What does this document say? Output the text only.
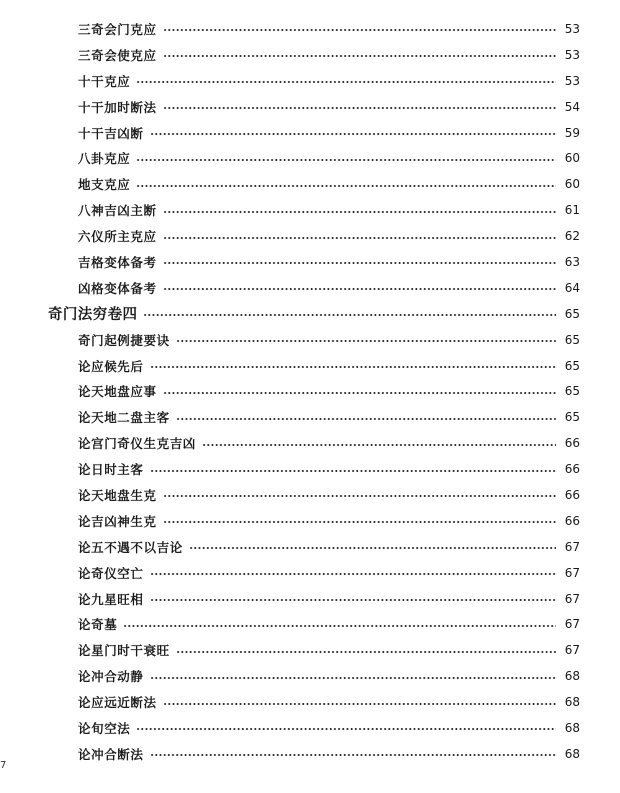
三奇会门克应	53
三奇会使克应	53
十干克应	53
十干加时断法	54
十干吉凶断	59
八卦克应	60
地支克应	60
八神吉凶主断	61
六仪所主克应	62
吉格变体备考	63
凶格变体备考	64
奇门法穷卷四	65
奇门起例捷要诀	65
论应候先后	65
论天地盘应事	65
论天地二盘主客	65
论宫门奇仪生克吉凶	66
论日时主客	66
论天地盘生克	66
论吉凶神生克	66
论五不遇不以吉论	67
论奇仪空亡	67
论九星旺相	67
论奇墓	67
论星门时干衰旺	67
论冲合动静	68
论应远近断法	68
论旬空法	68
论冲合断法	68
7
